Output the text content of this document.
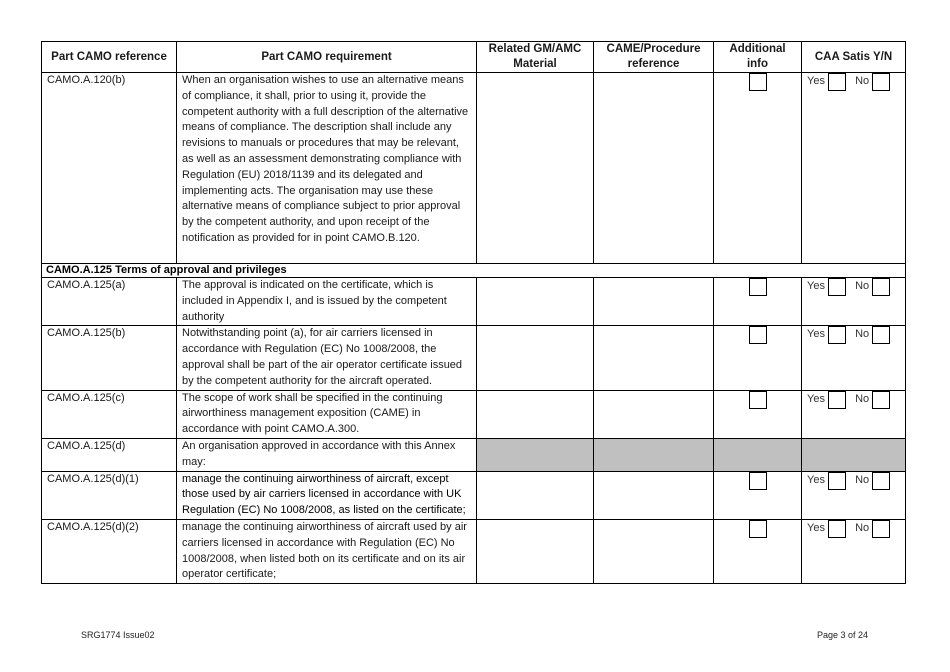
Part CAMO reference	Part CAMO requirement	Related GM/AMC Material	CAME/Procedure reference	Additional info	CAA Satis Y/N
CAMO.A.120(b)	When an organisation wishes to use an alternative means of compliance, it shall, prior to using it, provide the competent authority with a full description of the alternative means of compliance. The description shall include any revisions to manuals or procedures that may be relevant, as well as an assessment demonstrating compliance with Regulation (EU) 2018/1139 and its delegated and implementing acts. The organisation may use these alternative means of compliance subject to prior approval by the competent authority, and upon receipt of the notification as provided for in point CAMO.B.120.				Yes No
CAMO.A.125 Terms of approval and privileges					
CAMO.A.125(a)	The approval is indicated on the certificate, which is included in Appendix I, and is issued by the competent authority				Yes No
CAMO.A.125(b)	Notwithstanding point (a), for air carriers licensed in accordance with Regulation (EC) No 1008/2008, the approval shall be part of the air operator certificate issued by the competent authority for the aircraft operated.				Yes No
CAMO.A.125(c)	The scope of work shall be specified in the continuing airworthiness management exposition (CAME) in accordance with point CAMO.A.300.				Yes No
CAMO.A.125(d)	An organisation approved in accordance with this Annex may:				
CAMO.A.125(d)(1)	manage the continuing airworthiness of aircraft, except those used by air carriers licensed in accordance with UK Regulation (EC) No 1008/2008, as listed on the certificate;				Yes No
CAMO.A.125(d)(2)	manage the continuing airworthiness of aircraft used by air carriers licensed in accordance with Regulation (EC) No 1008/2008, when listed both on its certificate and on its air operator certificate;				Yes No
SRG1774 Issue02	Page 3 of 24
